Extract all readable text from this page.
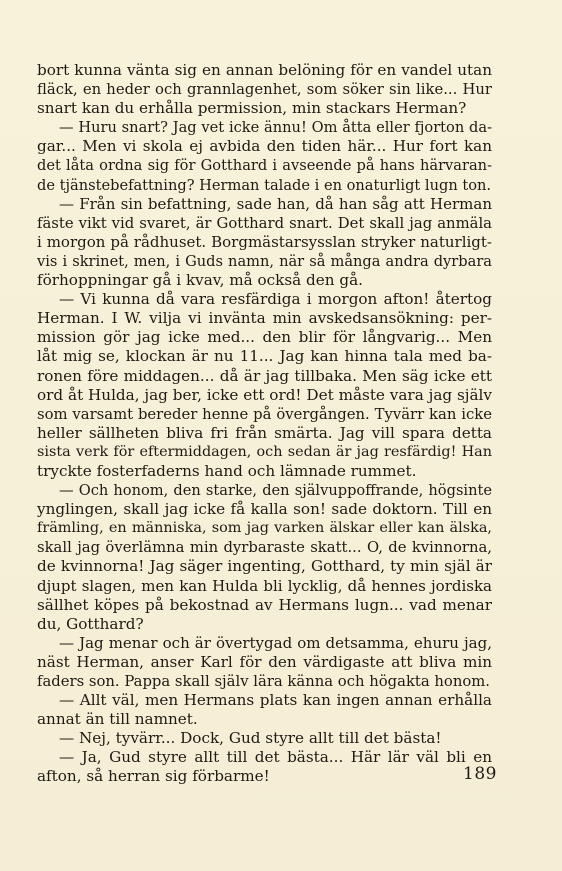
bort kunna vänta sig en annan belöning för en vandel utan
fläck, en heder och grannlagenhet, som söker sin like... Hur
snart kan du erhålla permission, min stackars Herman?
— Huru snart? Jag vet icke ännu! Om åtta eller fjorton da-
gar... Men vi skola ej avbida den tiden här... Hur fort kan
det låta ordna sig för Gotthard i avseende på hans härvaran-
de tjänstebefattning? Herman talade i en onaturligt lugn ton.
— Från sin befattning, sade han, då han såg att Herman
fäste vikt vid svaret, är Gotthard snart. Det skall jag anmäla
i morgon på rådhuset. Borgmästarsysslan stryker naturligt-
vis i skrinet, men, i Guds namn, när så många andra dyrbara
förhoppningar gå i kvav, må också den gå.
— Vi kunna då vara resfärdiga i morgon afton! återtog
Herman. I W. vilja vi invänta min avskedsansökning: per-
mission gör jag icke med... den blir för långvarig... Men
låt mig se, klockan är nu 11... Jag kan hinna tala med ba-
ronen före middagen... då är jag tillbaka. Men säg icke ett
ord åt Hulda, jag ber, icke ett ord! Det måste vara jag själv
som varsamt bereder henne på övergången. Tyvärr kan icke
heller sällheten bliva fri från smärta. Jag vill spara detta
sista verk för eftermiddagen, och sedan är jag resfärdig! Han
tryckte fosterfaderns hand och lämnade rummet.
— Och honom, den starke, den självuppoffrande, högsinte
ynglingen, skall jag icke få kalla son! sade doktorn. Till en
främling, en människa, som jag varken älskar eller kan älska,
skall jag överlämna min dyrbaraste skatt... O, de kvinnorna,
de kvinnorna! Jag säger ingenting, Gotthard, ty min själ är
djupt slagen, men kan Hulda bli lycklig, då hennes jordiska
sällhet köpes på bekostnad av Hermans lugn... vad menar
du, Gotthard?
— Jag menar och är övertygad om detsamma, ehuru jag,
näst Herman, anser Karl för den värdigaste att bliva min
faders son. Pappa skall själv lära känna och högakta honom.
— Allt väl, men Hermans plats kan ingen annan erhålla
annat än till namnet.
— Nej, tyvärr... Dock, Gud styre allt till det bästa!
— Ja, Gud styre allt till det bästa... Här lär väl bli en
afton, så herran sig förbarme!	189
